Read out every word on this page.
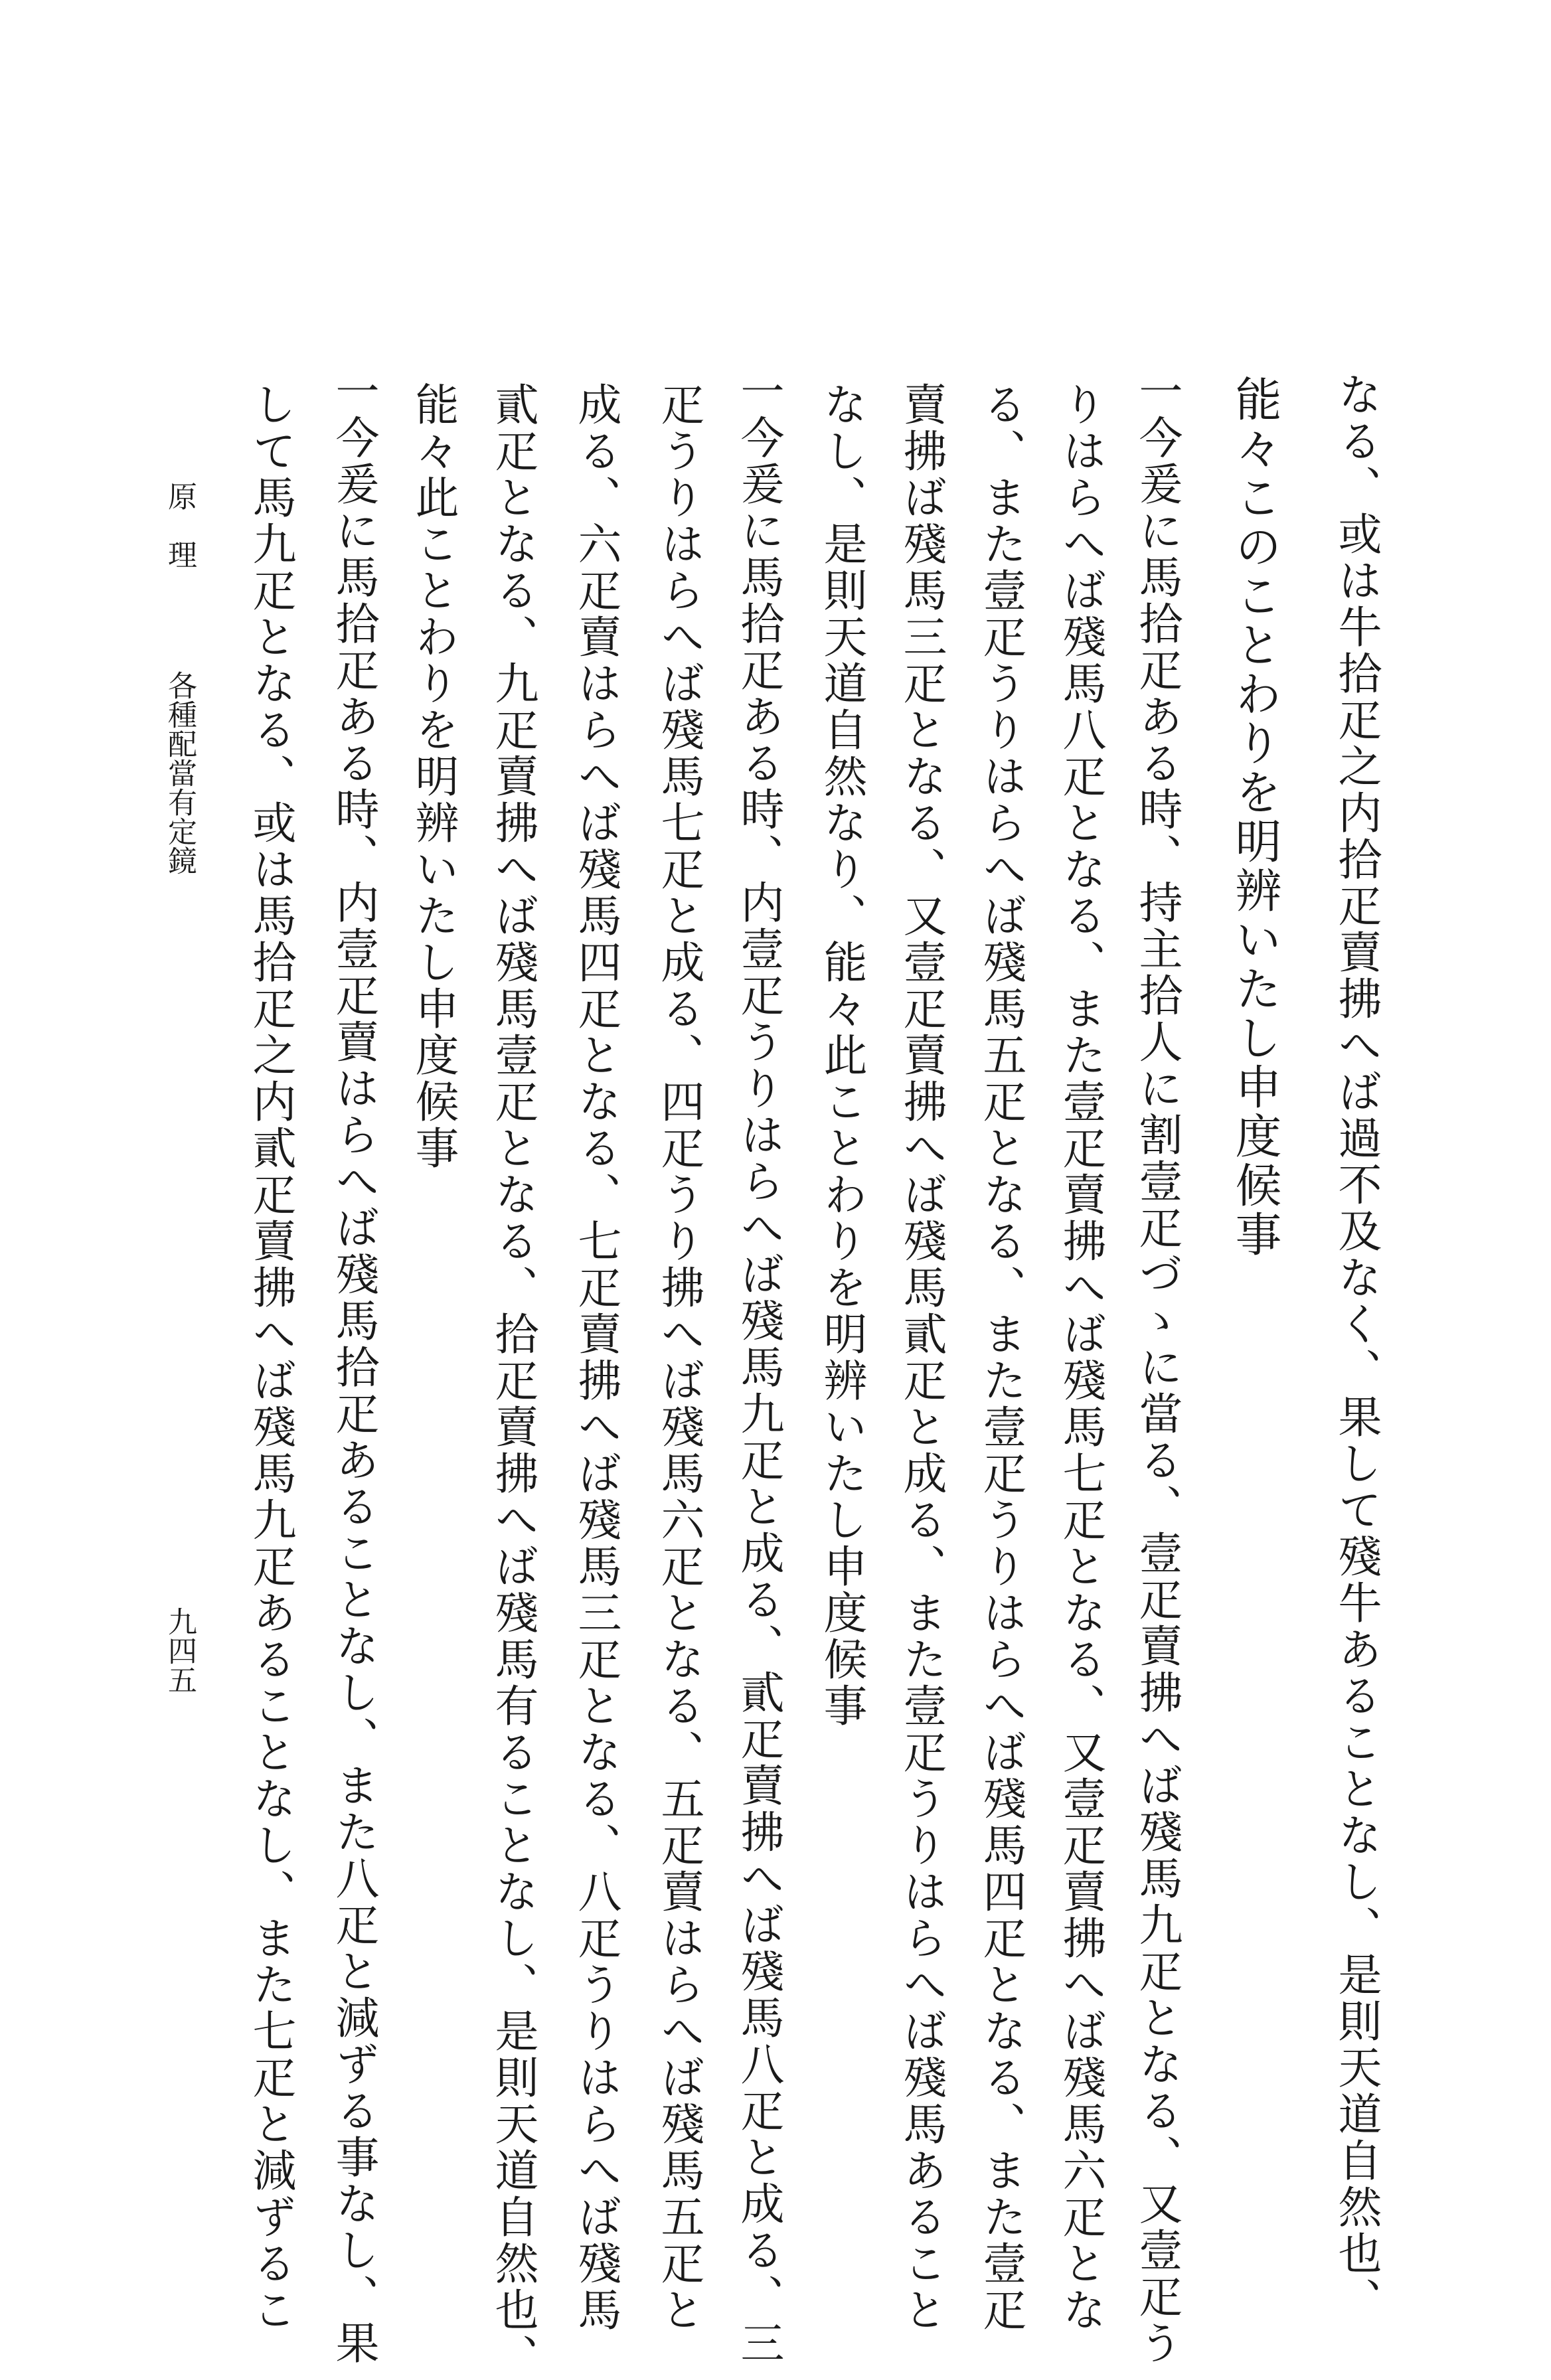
なる、或は牛拾疋之内拾疋賣拂へば過不及なく、果して殘牛あることなし、是則天道自然也、
能々このことわりを明辨いたし申度候事
一今爰に馬拾疋ある時、持主拾人に割壹疋づゝに當る、壹疋賣拂へば殘馬九疋となる、又壹疋う
りはらへば殘馬八疋となる、また壹疋賣拂へば殘馬七疋となる、又壹疋賣拂へば殘馬六疋とな
る、また壹疋うりはらへば殘馬五疋となる、また壹疋うりはらへば殘馬四疋となる、また壹疋
賣拂ば殘馬三疋となる、又壹疋賣拂へば殘馬貳疋と成る、また壹疋うりはらへば殘馬あること
なし、是則天道自然なり、能々此ことわりを明辨いたし申度候事
一今爰に馬拾疋ある時、内壹疋うりはらへば殘馬九疋と成る、貳疋賣拂へば殘馬八疋と成る、三
疋うりはらへば殘馬七疋と成る、四疋うり拂へば殘馬六疋となる、五疋賣はらへば殘馬五疋と
成る、六疋賣はらへば殘馬四疋となる、七疋賣拂へば殘馬三疋となる、八疋うりはらへば殘馬
貳疋となる、九疋賣拂へば殘馬壹疋となる、拾疋賣拂へば殘馬有ることなし、是則天道自然也、
能々此ことわりを明辨いたし申度候事
一今爰に馬拾疋ある時、内壹疋賣はらへば殘馬拾疋あることなし、また八疋と減ずる事なし、果
して馬九疋となる、或は馬拾疋之内貳疋賣拂へば殘馬九疋あることなし、また七疋と減ずるこ
原　理
各種配當有定鏡
九四五
